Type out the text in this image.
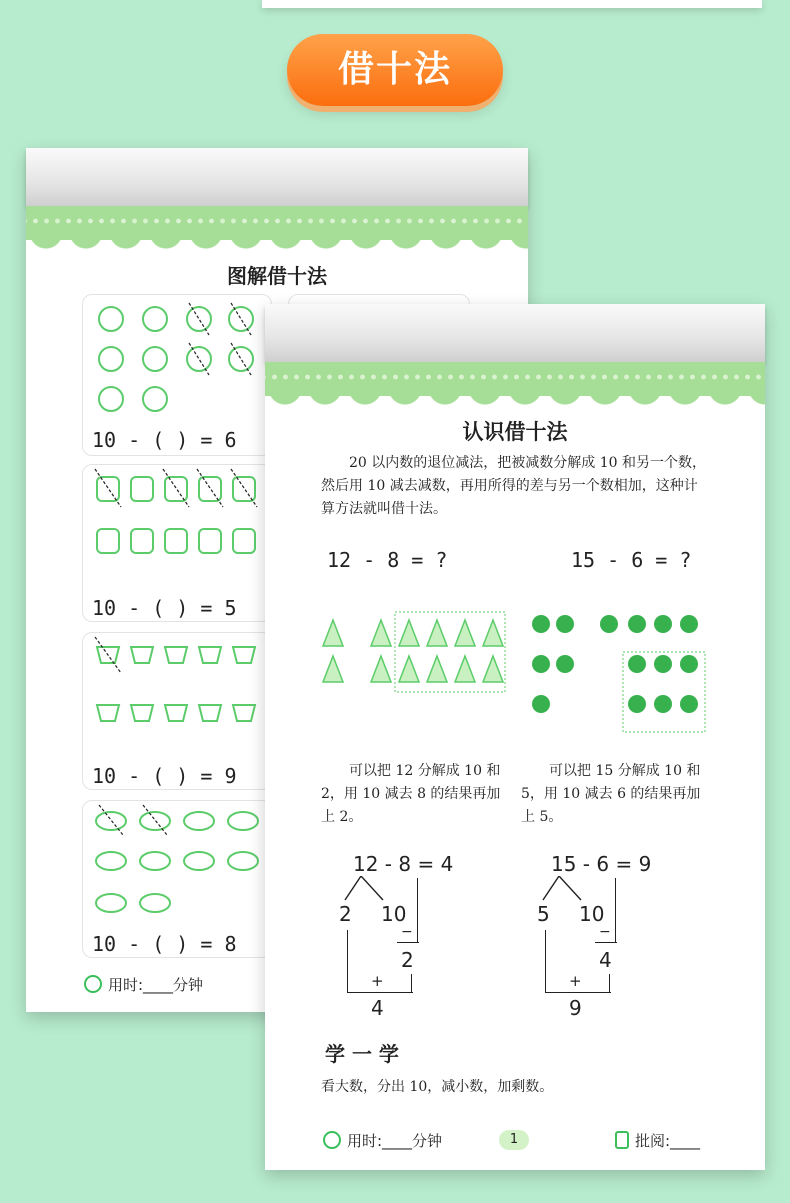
借十法
图解借十法
10 - ( ) = 6
10 - ( ) = 5
10 - ( ) = 9
10 - ( ) = 8
用时:____分钟
认识借十法
20 以内数的退位减法，把被减数分解成 10 和另一个数，然后用 10 减去减数，再用所得的差与另一个数相加，这种计算方法就叫借十法。
12 - 8 = ?	15 - 6 = ?
可以把 12 分解成 10 和 2，用 10 减去 8 的结果再加上 2。
可以把 15 分解成 10 和 5，用 10 减去 6 的结果再加上 5。
12 - 8 = 4
2 10
−
2
+
4
15 - 6 = 9
5 10
−
4
+
9
学 一 学
看大数，分出 10，减小数，加剩数。
用时:____分钟	1	批阅:____
